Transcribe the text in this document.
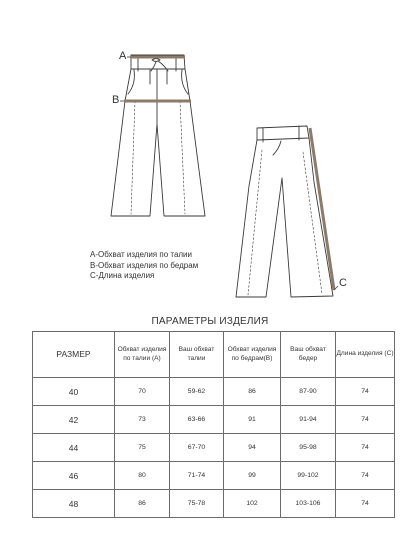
A
B
C
А-Обхват изделия по талии
В-Обхват изделия по бедрам
С-Длина изделия
ПАРАМЕТРЫ ИЗДЕЛИЯ
РАЗМЕР	Обхват изделия по талии (А)	Ваш обхват талии	Обхват изделия по бедрам(В)	Ваш обхват бедер	Длина изделия (С)
40	70	59-62	86	87-90	74
42	73	63-66	91	91-94	74
44	75	67-70	94	95-98	74
46	80	71-74	99	99-102	74
48	86	75-78	102	103-106	74
